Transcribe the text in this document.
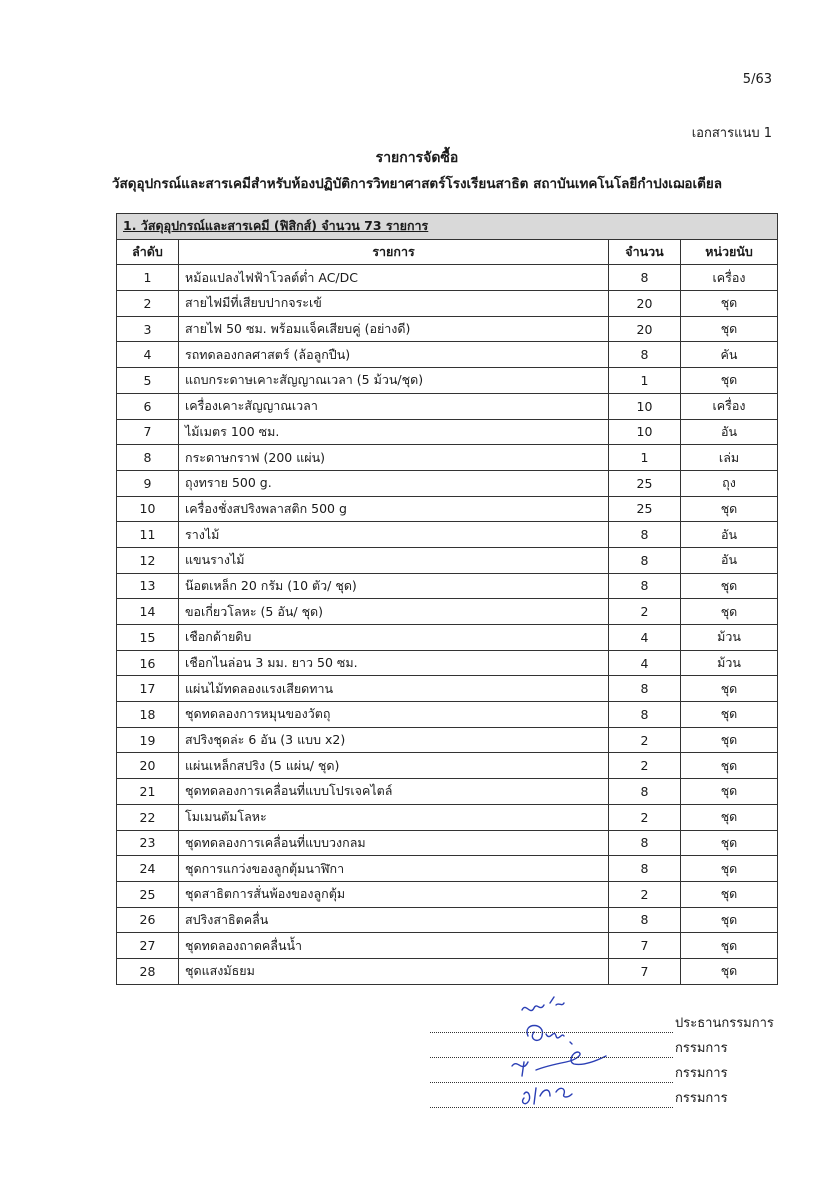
5/63
เอกสารแนบ 1
รายการจัดซื้อ
วัสดุอุปกรณ์และสารเคมีสำหรับห้องปฏิบัติการวิทยาศาสตร์โรงเรียนสาธิต สถาบันเทคโนโลยีกำปงเฌอเตียล
1. วัสดุอุปกรณ์และสารเคมี (ฟิสิกส์) จำนวน 73 รายการ			
ลำดับ	รายการ	จำนวน	หน่วยนับ
1	หม้อแปลงไฟฟ้าโวลต์ต่ำ AC/DC	8	เครื่อง
2	สายไฟมีที่เสียบปากจระเข้	20	ชุด
3	สายไฟ 50 ซม. พร้อมแจ็คเสียบคู่ (อย่างดี)	20	ชุด
4	รถทดลองกลศาสตร์ (ล้อลูกปืน)	8	คัน
5	แถบกระดาษเคาะสัญญาณเวลา (5 ม้วน/ชุด)	1	ชุด
6	เครื่องเคาะสัญญาณเวลา	10	เครื่อง
7	ไม้เมตร 100 ซม.	10	อัน
8	กระดาษกราฟ (200 แผ่น)	1	เล่ม
9	ถุงทราย 500 g.	25	ถุง
10	เครื่องชั่งสปริงพลาสติก 500 g	25	ชุด
11	รางไม้	8	อัน
12	แขนรางไม้	8	อัน
13	น๊อตเหล็ก 20 กรัม (10 ตัว/ ชุด)	8	ชุด
14	ขอเกี่ยวโลหะ (5 อัน/ ชุด)	2	ชุด
15	เชือกด้ายดิบ	4	ม้วน
16	เชือกไนล่อน 3 มม. ยาว 50 ซม.	4	ม้วน
17	แผ่นไม้ทดลองแรงเสียดทาน	8	ชุด
18	ชุดทดลองการหมุนของวัตถุ	8	ชุด
19	สปริงชุดล่ะ 6 อัน (3 แบบ x2)	2	ชุด
20	แผ่นเหล็กสปริง (5 แผ่น/ ชุด)	2	ชุด
21	ชุดทดลองการเคลื่อนที่แบบโปรเจคไตล์	8	ชุด
22	โมเมนตัมโลหะ	2	ชุด
23	ชุดทดลองการเคลื่อนที่แบบวงกลม	8	ชุด
24	ชุดการแกว่งของลูกตุ้มนาฬิกา	8	ชุด
25	ชุดสาธิตการสั่นพ้องของลูกตุ้ม	2	ชุด
26	สปริงสาธิตคลื่น	8	ชุด
27	ชุดทดลองถาดคลื่นน้ำ	7	ชุด
28	ชุดแสงมัธยม	7	ชุด
ประธานกรรมการ
กรรมการ
กรรมการ
กรรมการ
